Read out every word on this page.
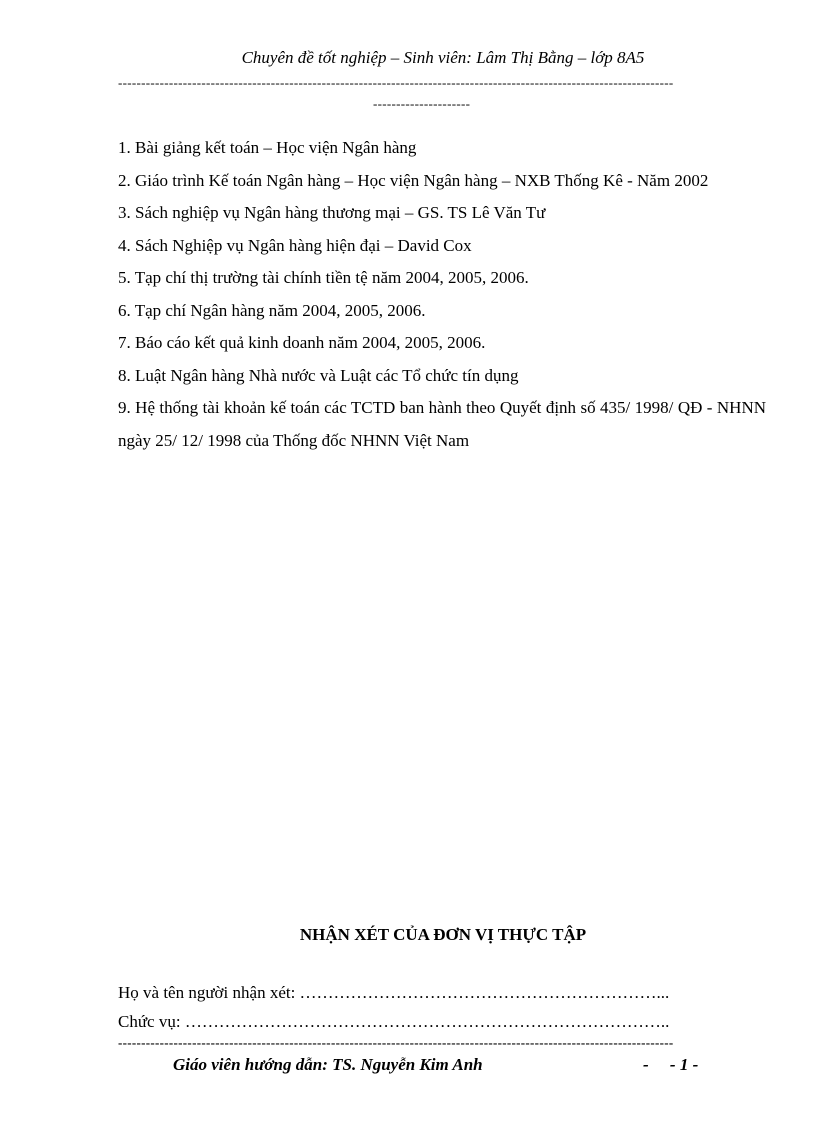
Chuyên đề tốt nghiệp – Sinh viên: Lâm Thị Bằng – lớp 8A5
------------------------------------------------------------------------------------------------------------------------
---------------------
1. Bài giảng kết toán – Học viện Ngân hàng
2. Giáo trình Kế toán Ngân hàng – Học viện Ngân hàng – NXB Thống Kê - Năm 2002
3. Sách nghiệp vụ Ngân hàng thương mại – GS. TS Lê Văn Tư
4. Sách Nghiệp vụ Ngân hàng hiện đại – David Cox
5. Tạp chí thị trường tài chính tiền tệ năm 2004, 2005, 2006.
6. Tạp chí Ngân hàng năm 2004, 2005, 2006.
7. Báo cáo kết quả kinh doanh năm 2004, 2005, 2006.
8. Luật Ngân hàng Nhà nước và Luật các Tổ chức tín dụng
9. Hệ thống tài khoản kế toán các TCTD ban hành theo Quyết định số 435/ 1998/ QĐ - NHNN ngày 25/ 12/ 1998 của Thống đốc NHNN Việt Nam
NHẬN XÉT CỦA ĐƠN VỊ THỰC TẬP
Họ và tên người nhận xét: ………………………………………………………...
Chức vụ: …………………………………………………………………………..
------------------------------------------------------------------------------------------------------------------------
Giáo viên hướng dẫn: TS. Nguyễn Kim Anh	-     - 1 -
